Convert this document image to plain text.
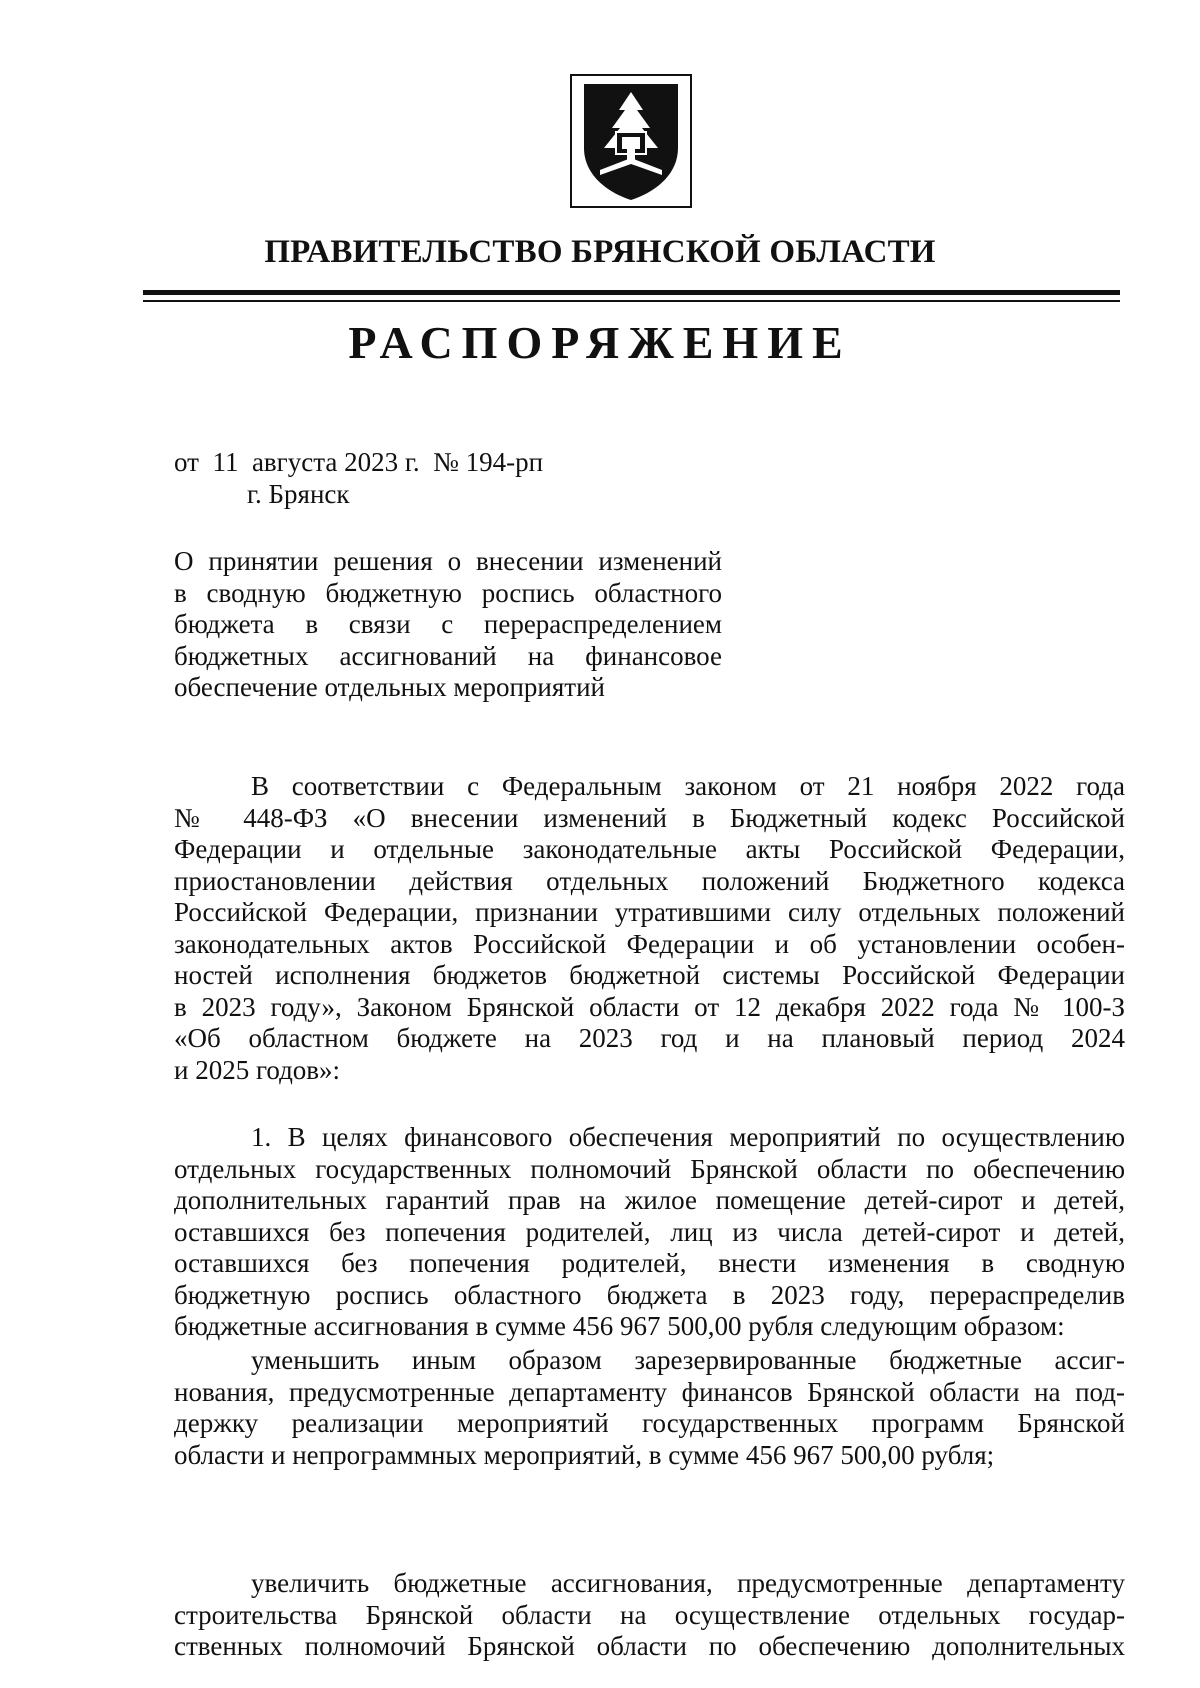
ПРАВИТЕЛЬСТВО БРЯНСКОЙ ОБЛАСТИ
РАСПОРЯЖЕНИЕ
от  11  августа 2023 г.  № 194-рп
г. Брянск
О принятии решения о внесении изменений
в сводную бюджетную роспись областного
бюджета в связи с перераспределением
бюджетных ассигнований на финансовое
обеспечение отдельных мероприятий
В соответствии с Федеральным законом от 21 ноября 2022 года
№ 448-ФЗ «О внесении изменений в Бюджетный кодекс Российской
Федерации и отдельные законодательные акты Российской Федерации,
приостановлении действия отдельных положений Бюджетного кодекса
Российской Федерации, признании утратившими силу отдельных положений
законодательных актов Российской Федерации и об установлении особен-
ностей исполнения бюджетов бюджетной системы Российской Федерации
в 2023 году», Законом Брянской области от 12 декабря 2022 года № 100-З
«Об областном бюджете на 2023 год и на плановый период 2024
и 2025 годов»:
1. В целях финансового обеспечения мероприятий по осуществлению
отдельных государственных полномочий Брянской области по обеспечению
дополнительных гарантий прав на жилое помещение детей-сирот и детей,
оставшихся без попечения родителей, лиц из числа детей-сирот и детей,
оставшихся без попечения родителей, внести изменения в сводную
бюджетную роспись областного бюджета в 2023 году, перераспределив
бюджетные ассигнования в сумме 456 967 500,00 рубля следующим образом:
уменьшить иным образом зарезервированные бюджетные ассиг-
нования, предусмотренные департаменту финансов Брянской области на под-
держку реализации мероприятий государственных программ Брянской
области и непрограммных мероприятий, в сумме 456 967 500,00 рубля;
увеличить бюджетные ассигнования, предусмотренные департаменту
строительства Брянской области на осуществление отдельных государ-
ственных полномочий Брянской области по обеспечению дополнительных
